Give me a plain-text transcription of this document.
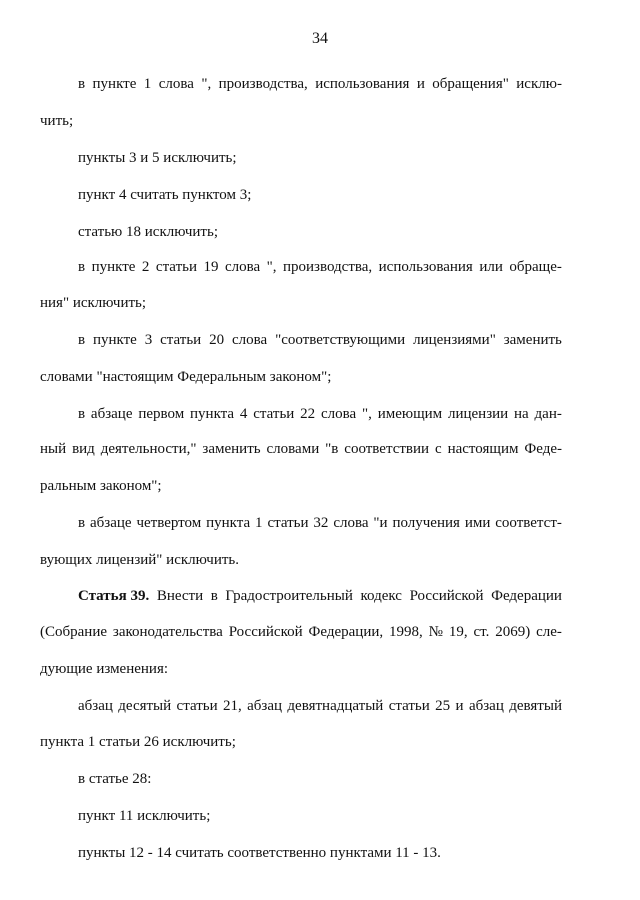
34
в пункте 1 слова ", производства, использования и обращения" исклю-
чить;
пункты 3 и 5 исключить;
пункт 4 считать пунктом 3;
статью 18 исключить;
в пункте 2 статьи 19 слова ", производства, использования или обраще-
ния" исключить;
в пункте 3 статьи 20 слова "соответствующими лицензиями" заменить
словами "настоящим Федеральным законом";
в абзаце первом пункта 4 статьи 22 слова ", имеющим лицензии на дан-
ный вид деятельности," заменить словами "в соответствии с настоящим Феде-
ральным законом";
в абзаце четвертом пункта 1 статьи 32 слова "и получения ими соответст-
вующих лицензий" исключить.
Статья 39. Внести в Градостроительный кодекс Российской Федерации
(Собрание законодательства Российской Федерации, 1998, № 19, ст. 2069) сле-
дующие изменения:
абзац десятый статьи 21, абзац девятнадцатый статьи 25 и абзац девятый
пункта 1 статьи 26 исключить;
в статье 28:
пункт 11 исключить;
пункты 12 - 14 считать соответственно пунктами 11 - 13.
